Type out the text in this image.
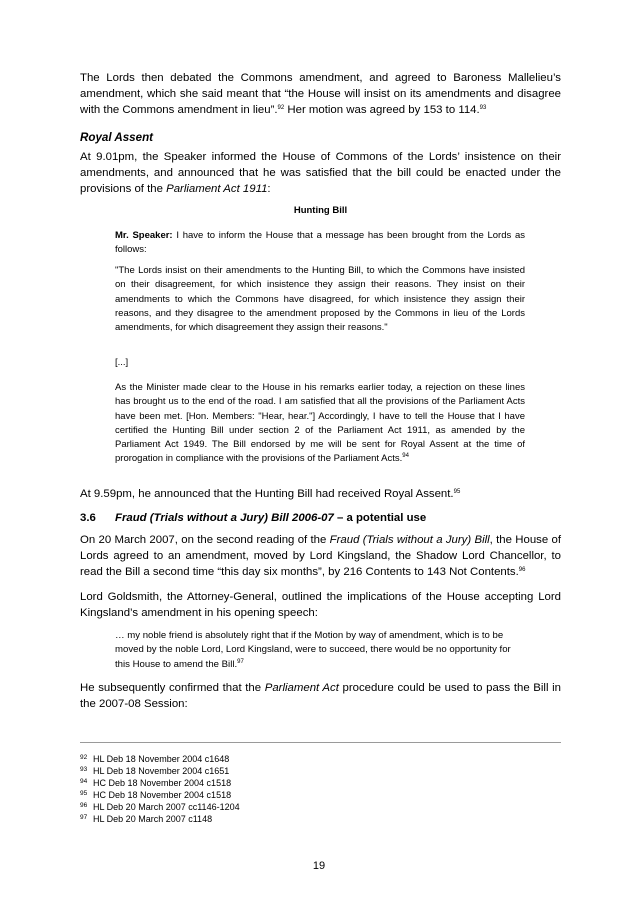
The Lords then debated the Commons amendment, and agreed to Baroness Mallelieu’s amendment, which she said meant that “the House will insist on its amendments and disagree with the Commons amendment in lieu”.$^{92}$ Her motion was agreed by 153 to 114.93

Royal Assent

At 9.01pm, the Speaker informed the House of Commons of the Lords’ insistence on their amendments, and announced that he was satisfied that the bill could be enacted under the provisions of the Parliament Act 1911:

Hunting Bill

Mr. Speaker: I have to inform the House that a message has been brought from the Lords as follows:

"The Lords insist on their amendments to the Hunting Bill, to which the Commons have insisted on their disagreement, for which insistence they assign their reasons. They insist on their amendments to which the Commons have disagreed, for which insistence they assign their reasons, and they disagree to the amendment proposed by the Commons in lieu of the Lords amendments, for which disagreement they assign their reasons."

[...]

As the Minister made clear to the House in his remarks earlier today, a rejection on these lines has brought us to the end of the road. I am satisfied that all the provisions of the Parliament Acts have been met. [Hon. Members: "Hear, hear."] Accordingly, I have to tell the House that I have certified the Hunting Bill under section 2 of the Parliament Act 1911, as amended by the Parliament Act 1949. The Bill endorsed by me will be sent for Royal Assent at the time of prorogation in compliance with the provisions of the Parliament Acts.$^{94}$

At 9.59pm, he announced that the Hunting Bill had received Royal Assent.$^{95}$

3.6 Fraud (Trials without a Jury) Bill 2006-07 – a potential use

On 20 March 2007, on the second reading of the Fraud (Trials without a Jury) Bill, the House of Lords agreed to an amendment, moved by Lord Kingsland, the Shadow Lord Chancellor, to read the Bill a second time “this day six months”, by 216 Contents to 143 Not Contents.$^{96}$

Lord Goldsmith, the Attorney-General, outlined the implications of the House accepting Lord Kingsland’s amendment in his opening speech:

… my noble friend is absolutely right that if the Motion by way of amendment, which is to be moved by the noble Lord, Lord Kingsland, were to succeed, there would be no opportunity for this House to amend the Bill.$^{97}$

He subsequently confirmed that the Parliament Act procedure could be used to pass the Bill in the 2007-08 Session:

92 HL Deb 18 November 2004 c1648

93 HL Deb 18 November 2004 c1651

94 HC Deb 18 November 2004 c1518

95 HC Deb 18 November 2004 c1518

96 HL Deb 20 March 2007 cc1146-1204

97 HL Deb 20 March 2007 c1148

19
